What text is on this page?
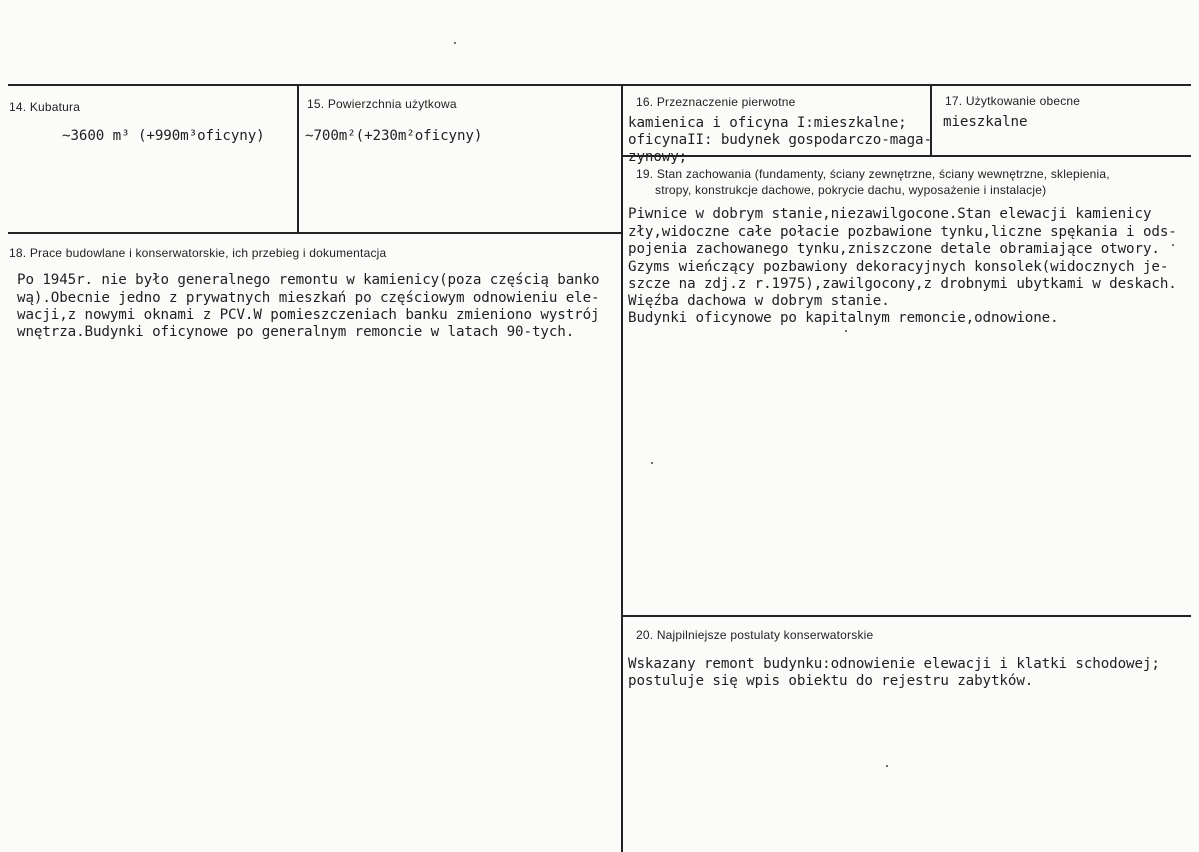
14. Kubatura
~3600 m³ (+990m³oficyny)
15. Powierzchnia użytkowa
~700m²(+230m²oficyny)
16. Przeznaczenie pierwotne
kamienica i oficyna I:mieszkalne;
oficynaII: budynek gospodarczo-maga-
zynowy;
17. Użytkowanie obecne
mieszkalne
19. Stan zachowania (fundamenty, ściany zewnętrzne, ściany wewnętrzne, sklepienia,
stropy, konstrukcje dachowe, pokrycie dachu, wyposażenie i instalacje)
Piwnice w dobrym stanie,niezawilgocone.Stan elewacji kamienicy
zły,widoczne całe połacie pozbawione tynku,liczne spękania i ods-
pojenia zachowanego tynku,zniszczone detale obramiające otwory.
Gzyms wieńczący pozbawiony dekoracyjnych konsolek(widocznych je-
szcze na zdj.z r.1975),zawilgocony,z drobnymi ubytkami w deskach.
Więźba dachowa w dobrym stanie.
Budynki oficynowe po kapitalnym remoncie,odnowione.
18. Prace budowlane i konserwatorskie, ich przebieg i dokumentacja
Po 1945r. nie było generalnego remontu w kamienicy(poza częścią banko
wą).Obecnie jedno z prywatnych mieszkań po częściowym odnowieniu ele-
wacji,z nowymi oknami z PCV.W pomieszczeniach banku zmieniono wystrój
wnętrza.Budynki oficynowe po generalnym remoncie w latach 90-tych.
20. Najpilniejsze postulaty konserwatorskie
Wskazany remont budynku:odnowienie elewacji i klatki schodowej;
postuluje się wpis obiektu do rejestru zabytków.
